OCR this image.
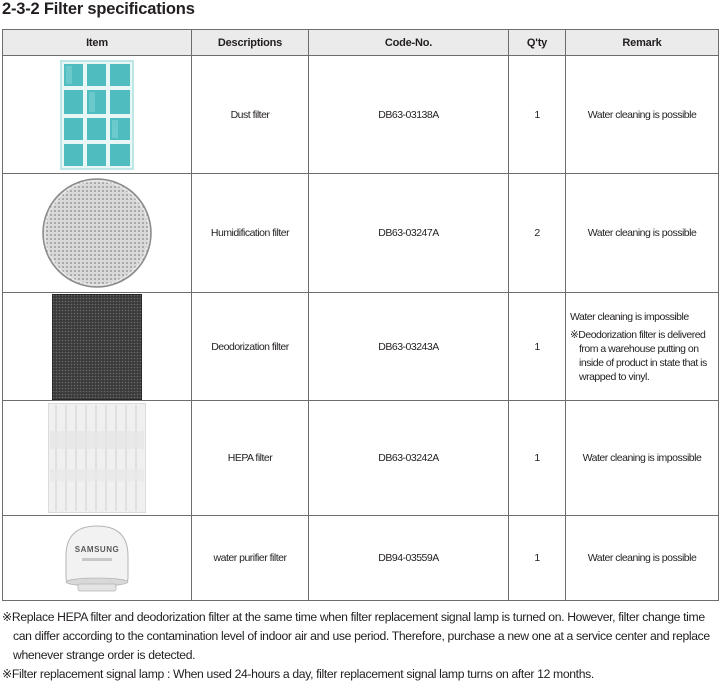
2-3-2 Filter specifications
Item	Descriptions	Code-No.	Q'ty	Remark

	Dust filter	DB63-03138A	1	Water cleaning is possible

	Humidification filter	DB63-03247A	2	Water cleaning is possible

	Deodorization filter	DB63-03243A	1	Water cleaning is impossible
※Deodorization filter is delivered from a warehouse putting on inside of product in state that is wrapped to vinyl.

	HEPA filter	DB63-03242A	1	Water cleaning is impossible

SAMSUNG	water purifier filter	DB94-03559A	1	Water cleaning is possible
※Replace HEPA filter and deodorization filter at the same time when filter replacement signal lamp is turned on. However, filter change time can differ according to the contamination level of indoor air and use period. Therefore, purchase a new one at a service center and replace whenever strange order is detected.
※Filter replacement signal lamp : When used 24-hours a day, filter replacement signal lamp turns on after 12 months.
